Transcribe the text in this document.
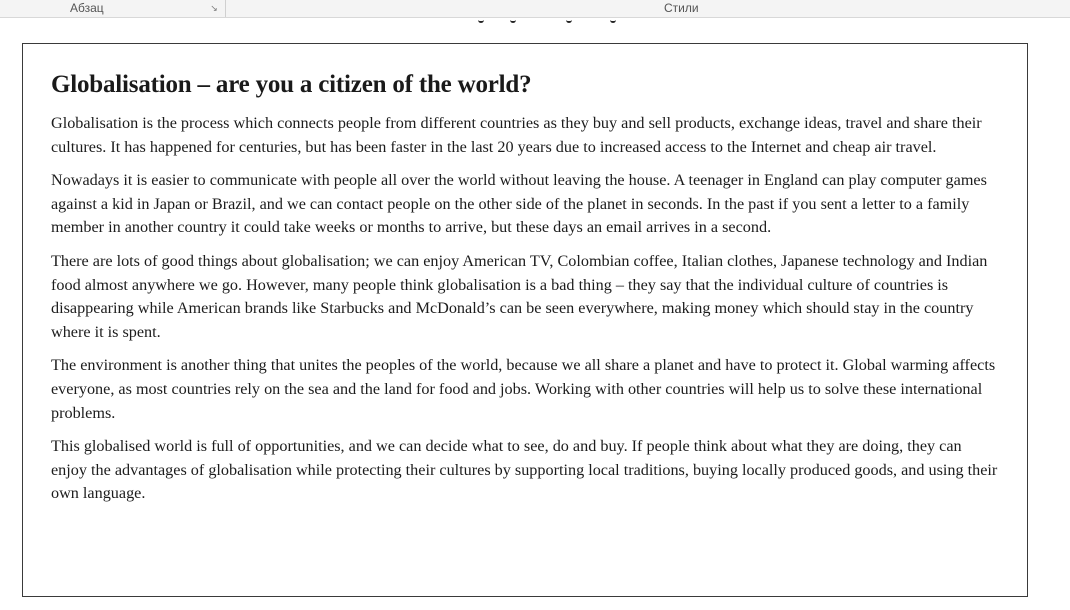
Абзац	↘	Стили
Globalisation – are you a citizen of the world?

Globalisation is the process which connects people from different countries as they buy and sell products, exchange ideas, travel and share their cultures. It has happened for centuries, but has been faster in the last 20 years due to increased access to the Internet and cheap air travel.

Nowadays it is easier to communicate with people all over the world without leaving the house. A teenager in England can play computer games against a kid in Japan or Brazil, and we can contact people on the other side of the planet in seconds. In the past if you sent a letter to a family member in another country it could take weeks or months to arrive, but these days an email arrives in a second.

There are lots of good things about globalisation; we can enjoy American TV, Colombian coffee, Italian clothes, Japanese technology and Indian food almost anywhere we go. However, many people think globalisation is a bad thing – they say that the individual culture of countries is disappearing while American brands like Starbucks and McDonald’s can be seen everywhere, making money which should stay in the country where it is spent.

The environment is another thing that unites the peoples of the world, because we all share a planet and have to protect it. Global warming affects everyone, as most countries rely on the sea and the land for food and jobs. Working with other countries will help us to solve these international problems.

This globalised world is full of opportunities, and we can decide what to see, do and buy. If people think about what they are doing, they can enjoy the advantages of globalisation while protecting their cultures by supporting local traditions, buying locally produced goods, and using their own language.
